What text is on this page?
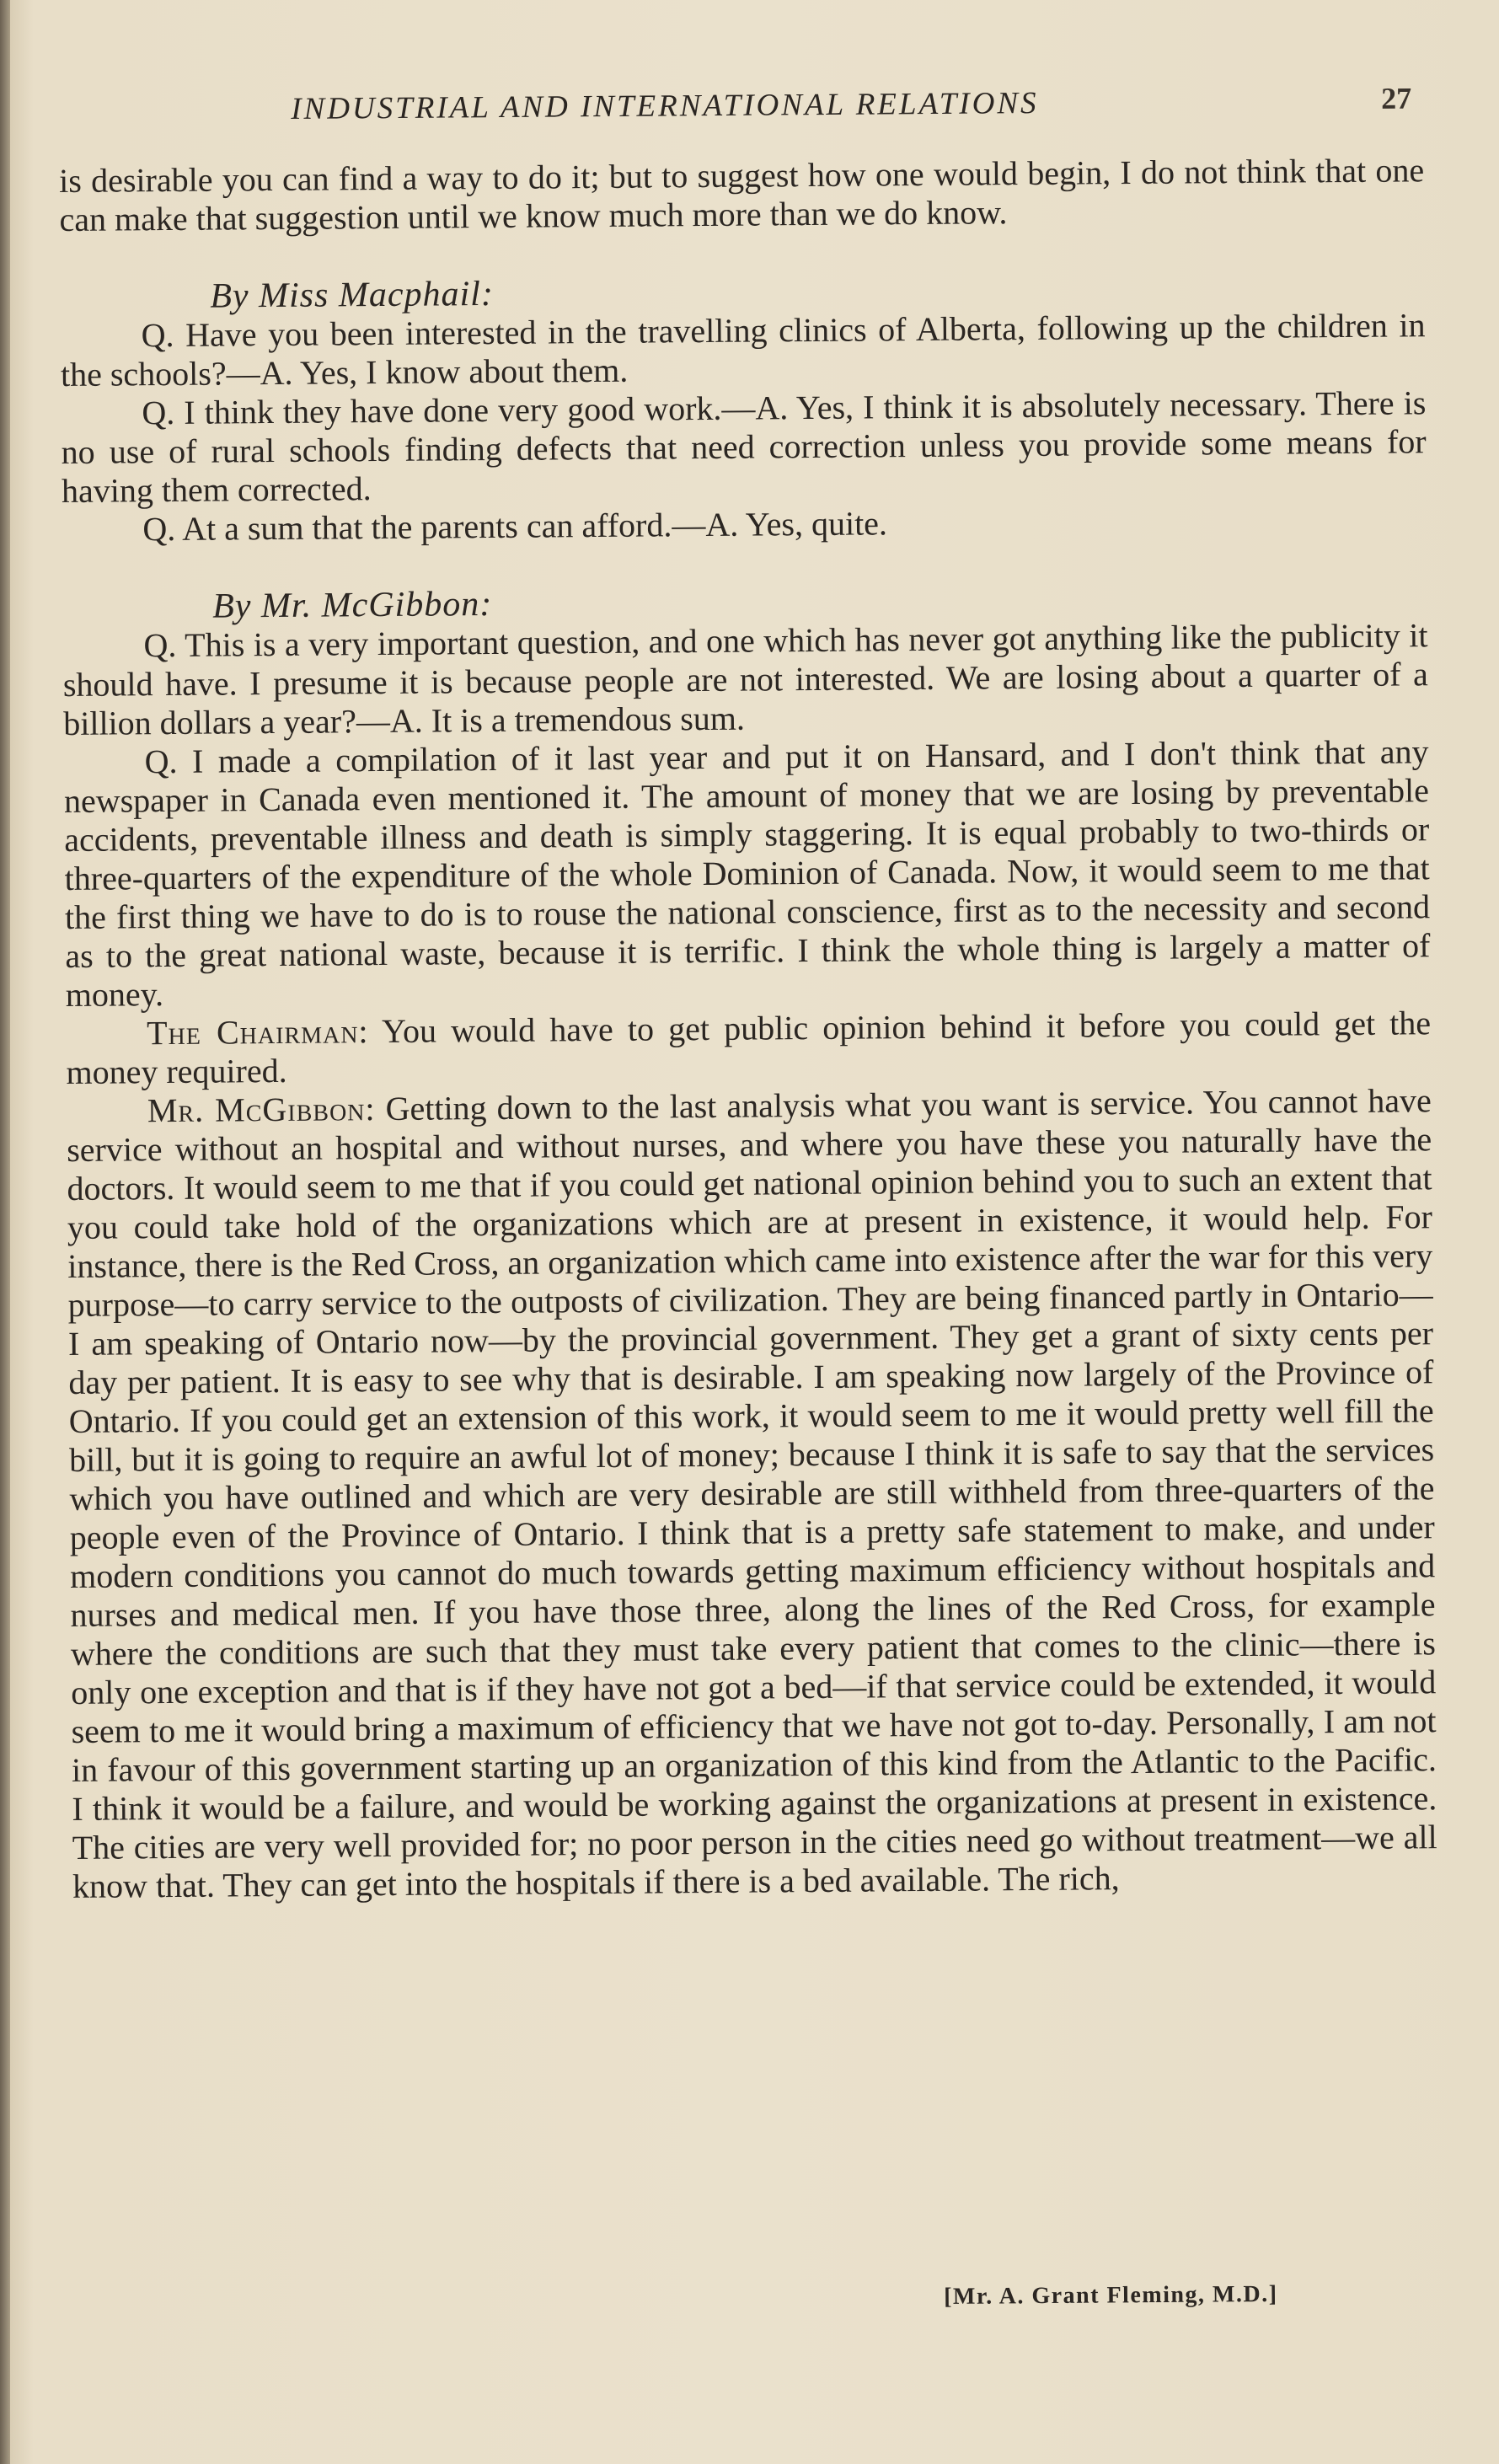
INDUSTRIAL AND INTERNATIONAL RELATIONS	27

is desirable you can find a way to do it; but to suggest how one would begin, I do not think that one can make that suggestion until we know much more than we do know.

By Miss Macphail:

Q. Have you been interested in the travelling clinics of Alberta, following up the children in the schools?—A. Yes, I know about them.

Q. I think they have done very good work.—A. Yes, I think it is absolutely necessary. There is no use of rural schools finding defects that need correction unless you provide some means for having them corrected.

Q. At a sum that the parents can afford.—A. Yes, quite.

By Mr. McGibbon:

Q. This is a very important question, and one which has never got anything like the publicity it should have. I presume it is because people are not interested. We are losing about a quarter of a billion dollars a year?—A. It is a tremendous sum.

Q. I made a compilation of it last year and put it on Hansard, and I don't think that any newspaper in Canada even mentioned it. The amount of money that we are losing by preventable accidents, preventable illness and death is simply staggering. It is equal probably to two-thirds or three-quarters of the expenditure of the whole Dominion of Canada. Now, it would seem to me that the first thing we have to do is to rouse the national conscience, first as to the necessity and second as to the great national waste, because it is terrific. I think the whole thing is largely a matter of money.

The Chairman: You would have to get public opinion behind it before you could get the money required.

Mr. McGibbon: Getting down to the last analysis what you want is service. You cannot have service without an hospital and without nurses, and where you have these you naturally have the doctors. It would seem to me that if you could get national opinion behind you to such an extent that you could take hold of the organizations which are at present in existence, it would help. For instance, there is the Red Cross, an organization which came into existence after the war for this very purpose—to carry service to the outposts of civilization. They are being financed partly in Ontario—I am speaking of Ontario now—by the provincial government. They get a grant of sixty cents per day per patient. It is easy to see why that is desirable. I am speaking now largely of the Province of Ontario. If you could get an extension of this work, it would seem to me it would pretty well fill the bill, but it is going to require an awful lot of money; because I think it is safe to say that the services which you have outlined and which are very desirable are still withheld from three-quarters of the people even of the Province of Ontario. I think that is a pretty safe statement to make, and under modern conditions you cannot do much towards getting maximum efficiency without hospitals and nurses and medical men. If you have those three, along the lines of the Red Cross, for example where the conditions are such that they must take every patient that comes to the clinic—there is only one exception and that is if they have not got a bed—if that service could be extended, it would seem to me it would bring a maximum of efficiency that we have not got to-day. Personally, I am not in favour of this government starting up an organization of this kind from the Atlantic to the Pacific. I think it would be a failure, and would be working against the organizations at present in existence. The cities are very well provided for; no poor person in the cities need go without treatment—we all know that. They can get into the hospitals if there is a bed available. The rich,

[Mr. A. Grant Fleming, M.D.]
